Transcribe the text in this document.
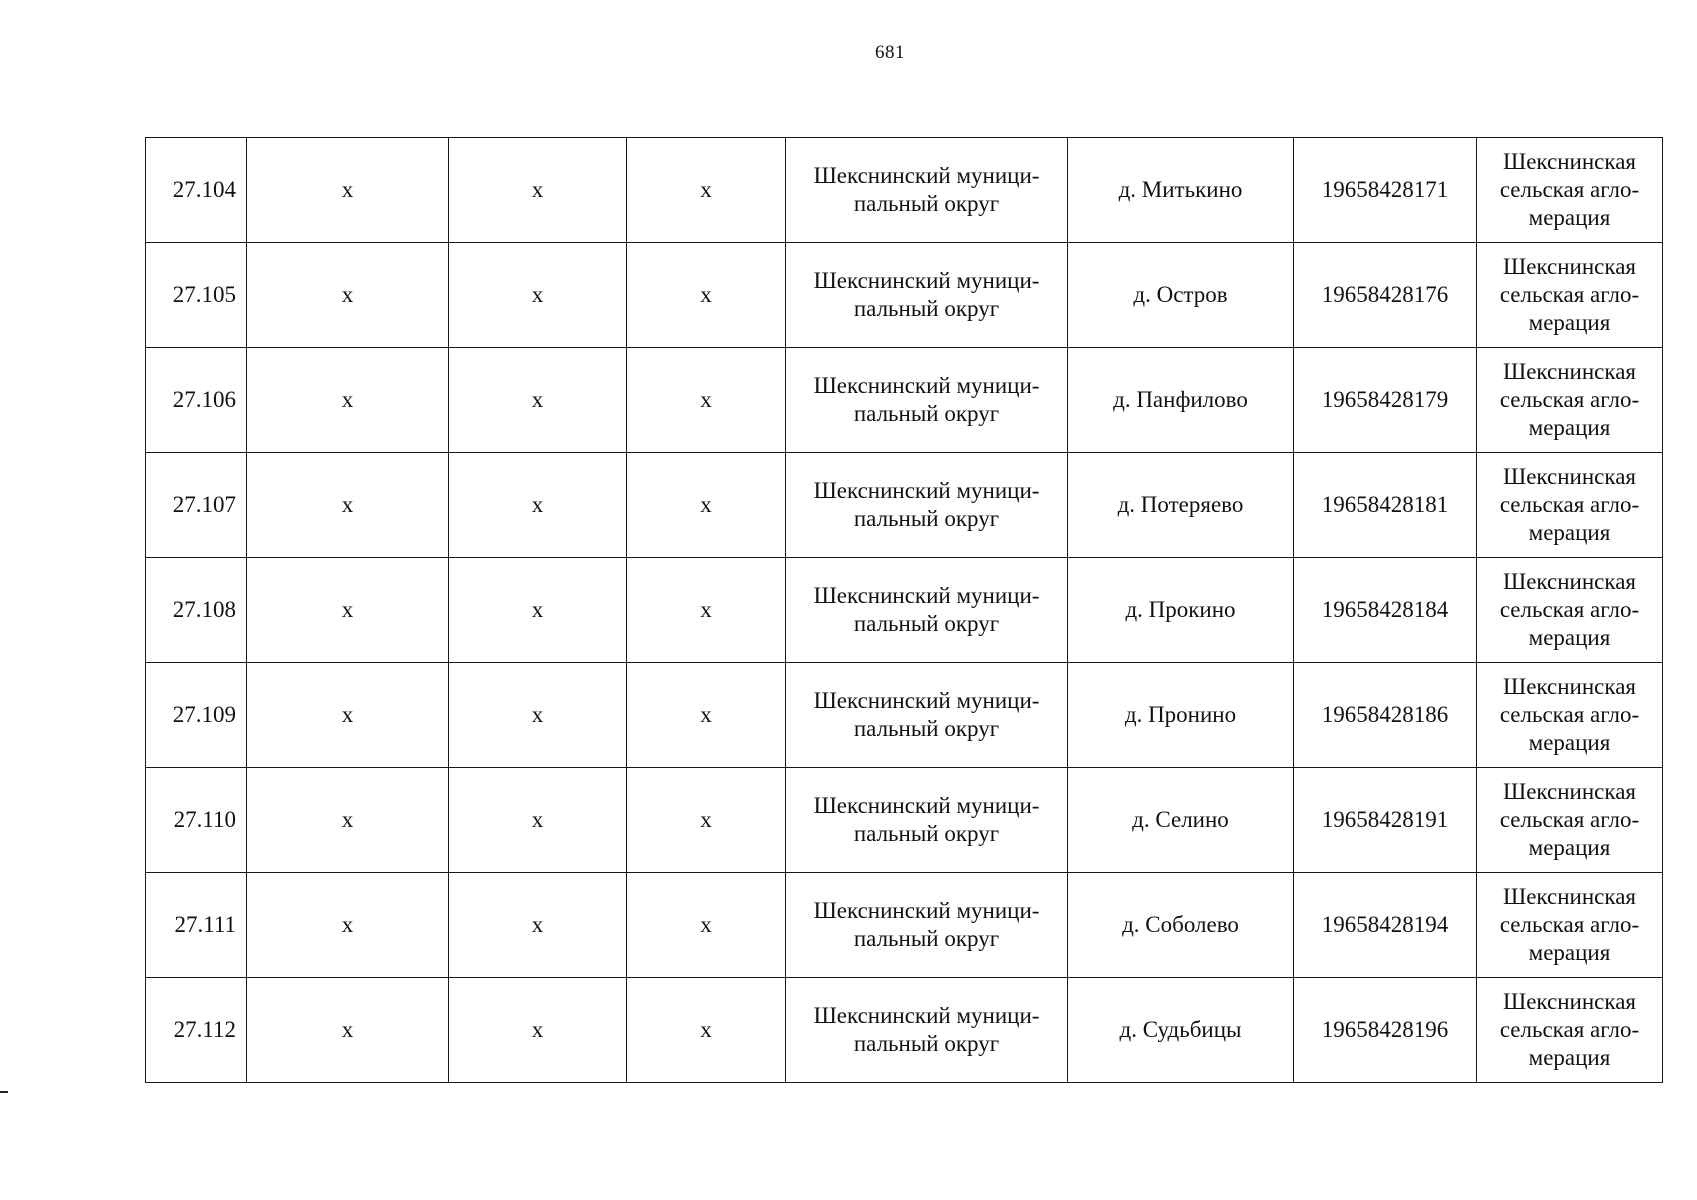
681
27.104	х	х	х	Шекснинский муници-
пальный округ	д. Митькино	19658428171	Шекснинская
сельская агло-
мерация
27.105	х	х	х	Шекснинский муници-
пальный округ	д. Остров	19658428176	Шекснинская
сельская агло-
мерация
27.106	х	х	х	Шекснинский муници-
пальный округ	д. Панфилово	19658428179	Шекснинская
сельская агло-
мерация
27.107	х	х	х	Шекснинский муници-
пальный округ	д. Потеряево	19658428181	Шекснинская
сельская агло-
мерация
27.108	х	х	х	Шекснинский муници-
пальный округ	д. Прокино	19658428184	Шекснинская
сельская агло-
мерация
27.109	х	х	х	Шекснинский муници-
пальный округ	д. Пронино	19658428186	Шекснинская
сельская агло-
мерация
27.110	х	х	х	Шекснинский муници-
пальный округ	д. Селино	19658428191	Шекснинская
сельская агло-
мерация
27.111	х	х	х	Шекснинский муници-
пальный округ	д. Соболево	19658428194	Шекснинская
сельская агло-
мерация
27.112	х	х	х	Шекснинский муници-
пальный округ	д. Судьбицы	19658428196	Шекснинская
сельская агло-
мерация
